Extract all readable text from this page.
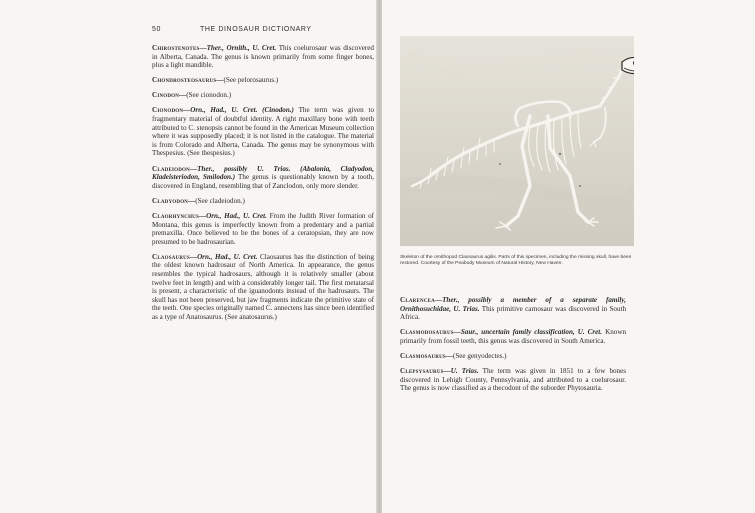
50	THE DINOSAUR DICTIONARY

Chirostenotes—Ther., Ornith., U. Cret. This coelurosaur was discovered in Alberta, Canada. The genus is known primarily from some finger bones, plus a light mandible.

Chondrosteosaurus—(See pelorosaurus.)

Cinodon—(See cionodon.)

Cionodon—Orn., Had., U. Cret. (Cinodon.) The term was given to fragmentary material of doubtful identity. A right maxillary bone with teeth attributed to C. stenopsis cannot be found in the American Museum collection where it was supposedly placed; it is not listed in the catalogue. The material is from Colorado and Alberta, Canada. The genus may be synonymous with Thespesius. (See thespesius.)

Cladeiodon—Ther., possibly U. Trias. (Abalonia, Cladyodon, Kladeisteriodon, Smilodon.) The genus is questionably known by a tooth, discovered in England, resembling that of Zanclodon, only more slender.

Cladyodon—(See cladeiodon.)

Claorhynchus—Orn., Had., U. Cret. From the Judith River formation of Montana, this genus is imperfectly known from a predentary and a partial premaxilla. Once believed to be the bones of a ceratopsian, they are now presumed to be hadrosaurian.

Claosaurus—Orn., Had., U. Cret. Claosaurus has the distinction of being the oldest known hadrosaur of North America. In appearance, the genus resembles the typical hadrosaurs, although it is relatively smaller (about twelve feet in length) and with a considerably longer tail. The first metatarsal is present, a characteristic of the iguanodonts instead of the hadrosaurs. The skull has not been preserved, but jaw fragments indicate the primitive state of the teeth. One species originally named C. annectens has since been identified as a type of Anatosaurus. (See anatosaurus.)

Skeleton of the ornithopod Claosaurus agilis. Parts of this specimen, including the missing skull, have been restored. Courtesy of the Peabody Museum of Natural History, New Haven.

Clarencea—Ther., possibly a member of a separate family, Ornithosuchidae, U. Trias. This primitive carnosaur was discovered in South Africa.

Clasmodosaurus—Saur., uncertain family classification, U. Cret. Known primarily from fossil teeth, this genus was discovered in South America.

Clasmosaurus—(See genyodectes.)

Clepsysaurus—U. Trias. The term was given in 1851 to a few bones discovered in Lehigh County, Pennsylvania, and attributed to a coelurosaur. The genus is now classified as a thecodont of the suborder Phytosauria.
